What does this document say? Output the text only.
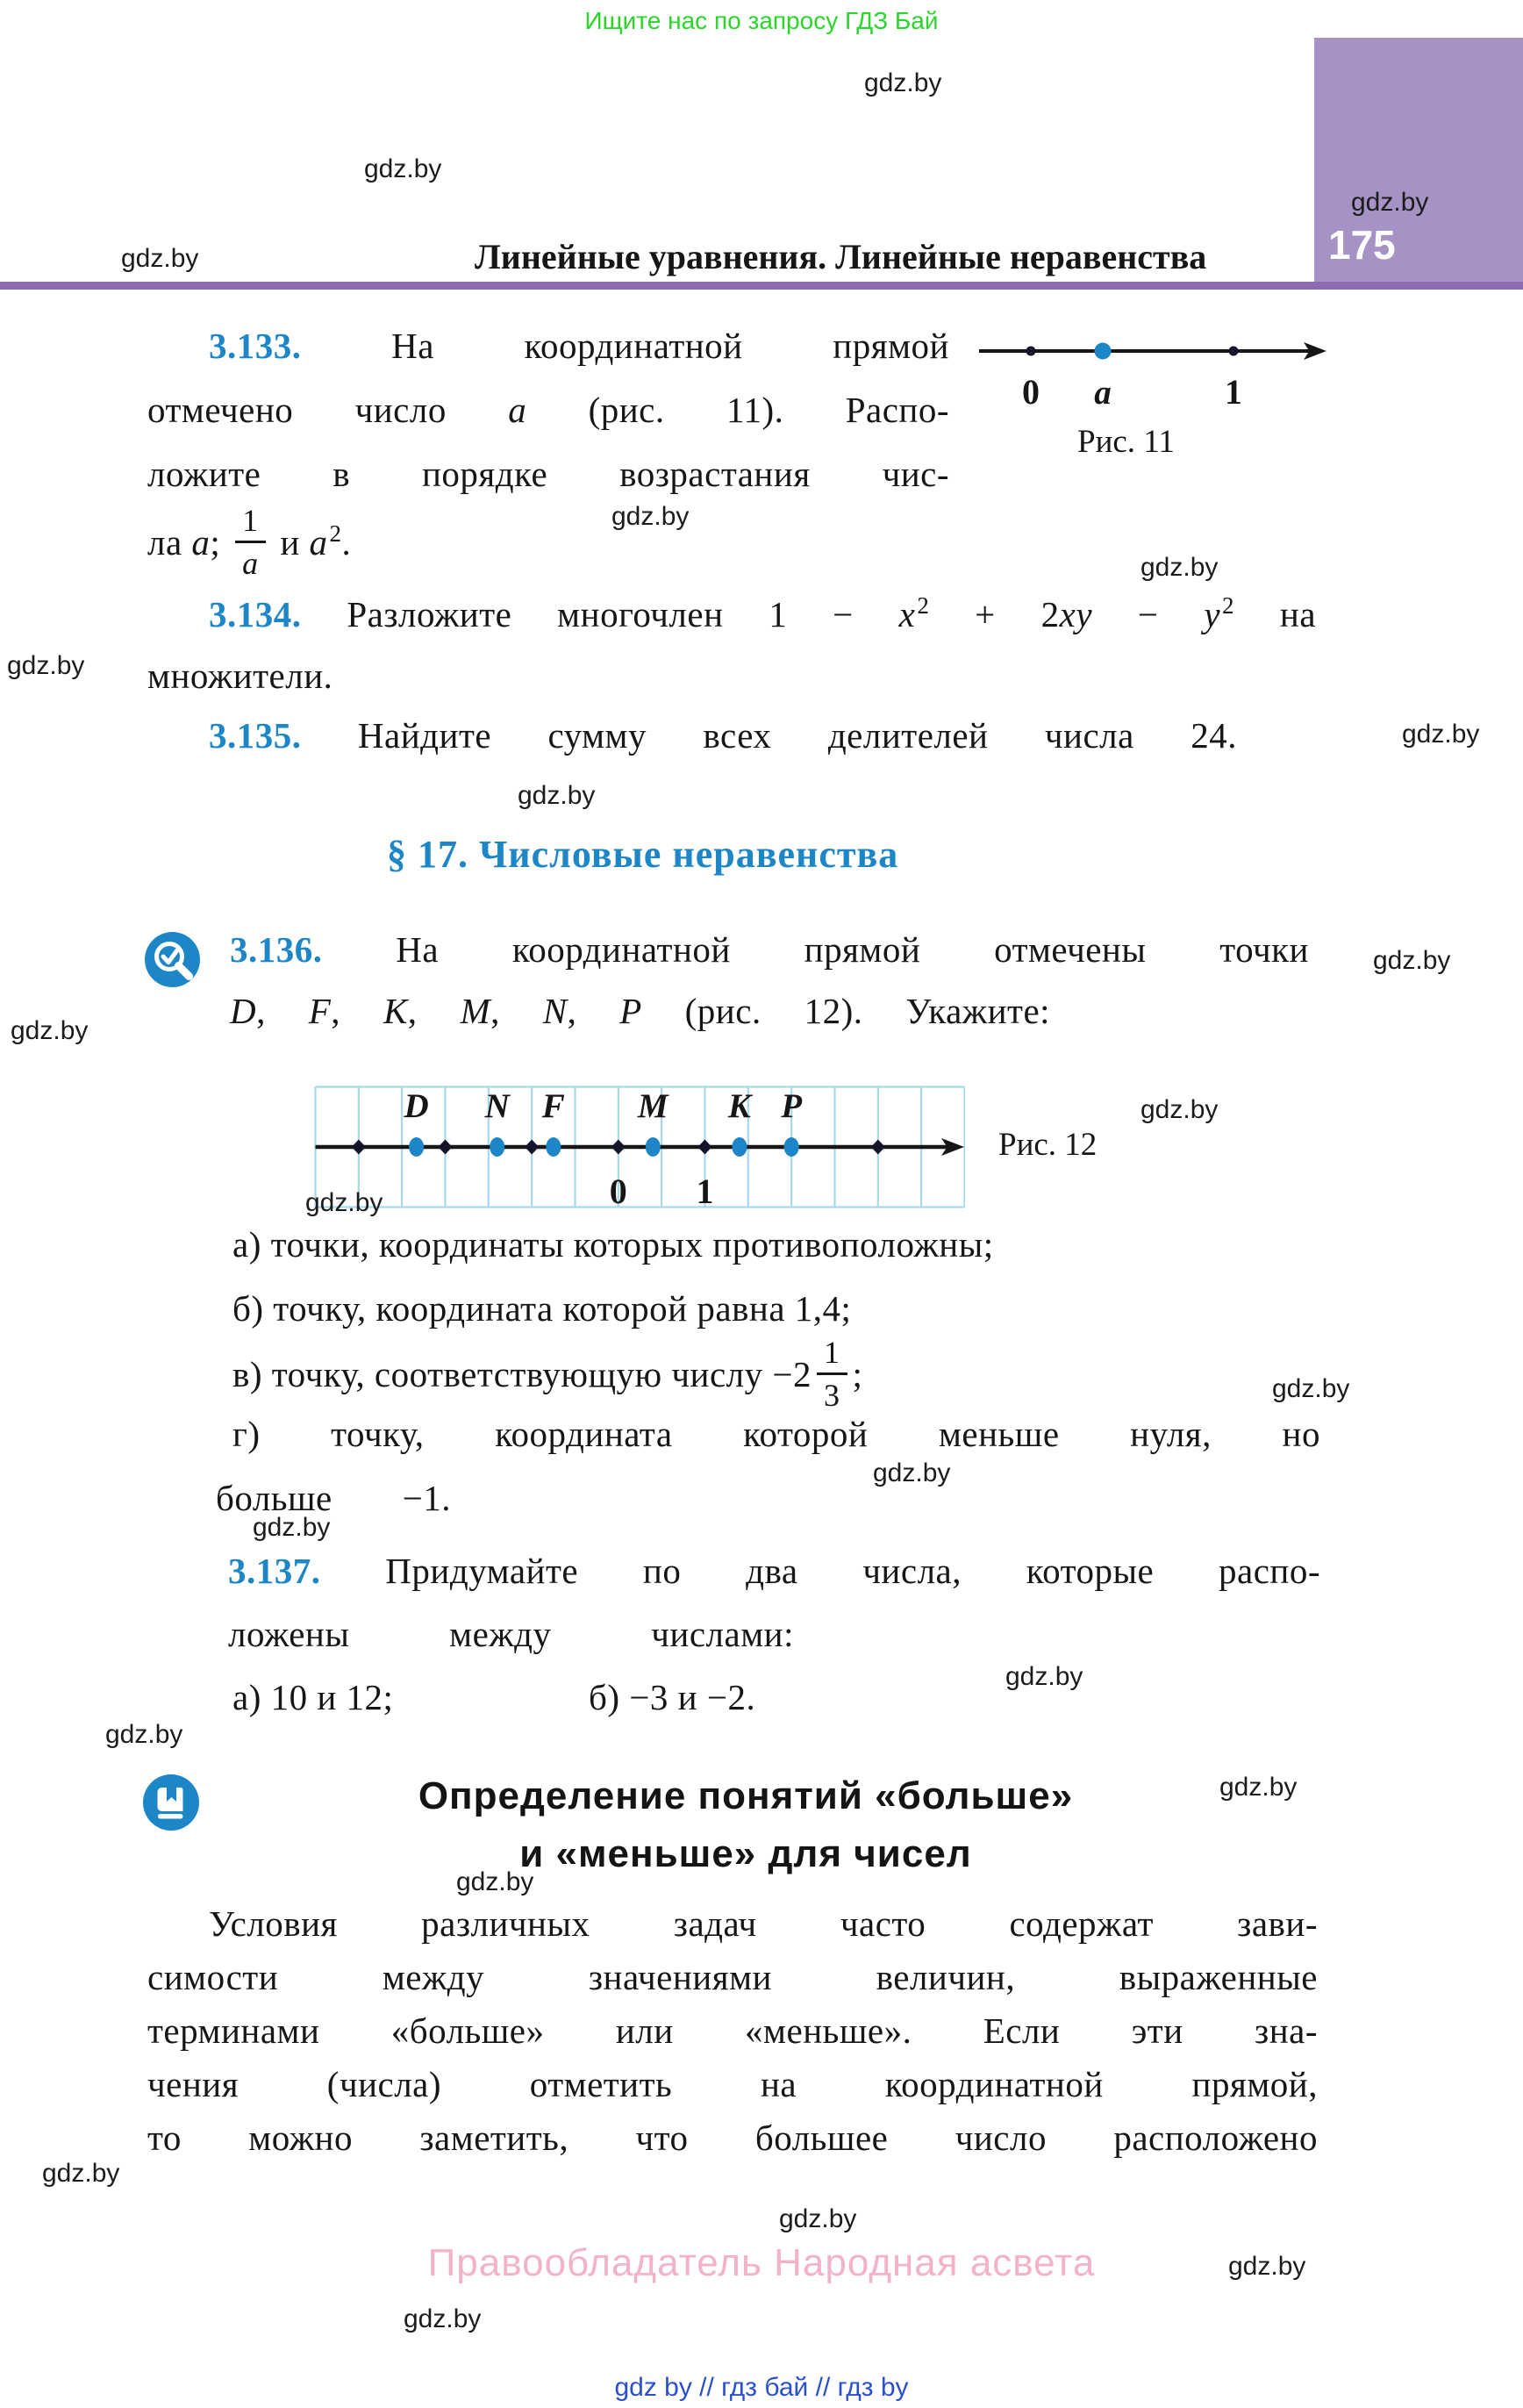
Ищите нас по запросу ГДЗ Бай
175
Линейные уравнения. Линейные неравенства
3.133. На координатной прямой
отмечено число a (рис. 11). Распо-
ложите в порядке возрастания чис-
ла a; $\frac{1}{a}$ и $a^2$.
0 a	1
Рис. 11
3.134. Разложите многочлен $1 - x^2 + 2xy - y^2$ на
множители.
3.135. Найдите сумму всех делителей числа 24.
§ 17. Числовые неравенства
3.136. На координатной прямой отмечены точки
D, F, K, M, N, P (рис. 12). Укажите:
D N F M K P
0 1
Рис. 12
а) точки, координаты которых противоположны;
б) точку, координата которой равна 1,4;
в) точку, соответствующую числу $-2 \frac{1}{3}$ ;
г) точку, координата которой меньше нуля, но
больше −1.
3.137. Придумайте по два числа, которые распо-
ложены между числами:
а) 10 и 12;	б) −3 и −2.
Определение понятий «больше»
и «меньше» для чисел
Условия различных задач часто содержат зави-
симости между значениями величин, выраженные
терминами «больше» или «меньше». Если эти зна-
чения (числа) отметить на координатной прямой,
то можно заметить, что большее число расположено
Правообладатель Народная асвета
gdz by // гдз бай // гдз by
gdz.by
gdz.by
gdz.by
gdz.by
gdz.by
gdz.by
gdz.by
gdz.by
gdz.by
gdz.by
gdz.by
gdz.by
gdz.by
gdz.by
gdz.by
gdz.by
gdz.by
gdz.by
gdz.by
gdz.by
gdz.by
gdz.by
gdz.by
gdz.by
